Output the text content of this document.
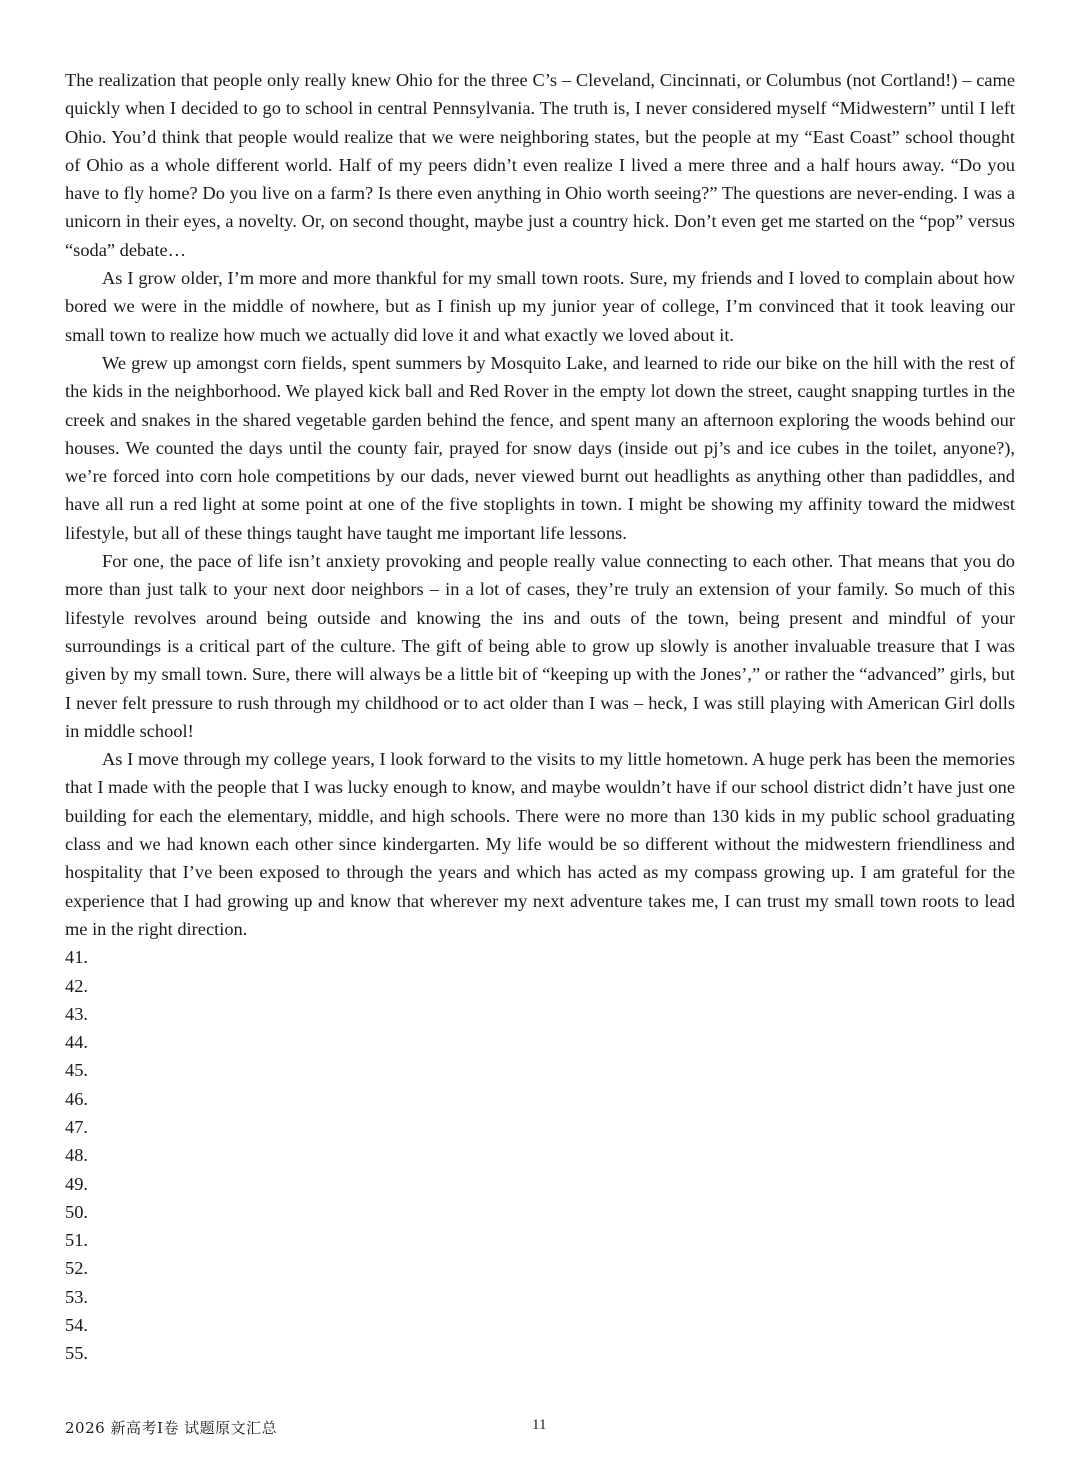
The realization that people only really knew Ohio for the three C’s – Cleveland, Cincinnati, or Columbus (not Cortland!) – came quickly when I decided to go to school in central Pennsylvania. The truth is, I never considered myself “Midwestern” until I left Ohio. You’d think that people would realize that we were neighboring states, but the people at my “East Coast” school thought of Ohio as a whole different world. Half of my peers didn’t even realize I lived a mere three and a half hours away. “Do you have to fly home? Do you live on a farm? Is there even anything in Ohio worth seeing?” The questions are never-ending. I was a unicorn in their eyes, a novelty. Or, on second thought, maybe just a country hick. Don’t even get me started on the “pop” versus “soda” debate…

As I grow older, I’m more and more thankful for my small town roots. Sure, my friends and I loved to complain about how bored we were in the middle of nowhere, but as I finish up my junior year of college, I’m convinced that it took leaving our small town to realize how much we actually did love it and what exactly we loved about it.

We grew up amongst corn fields, spent summers by Mosquito Lake, and learned to ride our bike on the hill with the rest of the kids in the neighborhood. We played kick ball and Red Rover in the empty lot down the street, caught snapping turtles in the creek and snakes in the shared vegetable garden behind the fence, and spent many an afternoon exploring the woods behind our houses. We counted the days until the county fair, prayed for snow days (inside out pj’s and ice cubes in the toilet, anyone?), we’re forced into corn hole competitions by our dads, never viewed burnt out headlights as anything other than padiddles, and have all run a red light at some point at one of the five stoplights in town. I might be showing my affinity toward the midwest lifestyle, but all of these things taught have taught me important life lessons.

For one, the pace of life isn’t anxiety provoking and people really value connecting to each other. That means that you do more than just talk to your next door neighbors – in a lot of cases, they’re truly an extension of your family. So much of this lifestyle revolves around being outside and knowing the ins and outs of the town, being present and mindful of your surroundings is a critical part of the culture. The gift of being able to grow up slowly is another invaluable treasure that I was given by my small town. Sure, there will always be a little bit of “keeping up with the Jones’,” or rather the “advanced” girls, but I never felt pressure to rush through my childhood or to act older than I was – heck, I was still playing with American Girl dolls in middle school!

As I move through my college years, I look forward to the visits to my little hometown. A huge perk has been the memories that I made with the people that I was lucky enough to know, and maybe wouldn’t have if our school district didn’t have just one building for each the elementary, middle, and high schools. There were no more than 130 kids in my public school graduating class and we had known each other since kindergarten. My life would be so different without the midwestern friendliness and hospitality that I’ve been exposed to through the years and which has acted as my compass growing up. I am grateful for the experience that I had growing up and know that wherever my next adventure takes me, I can trust my small town roots to lead me in the right direction.

41.
42.
43.
44.
45.
46.
47.
48.
49.
50.
51.
52.
53.
54.
55.
2026 新高考I卷 试题原文汇总	11
